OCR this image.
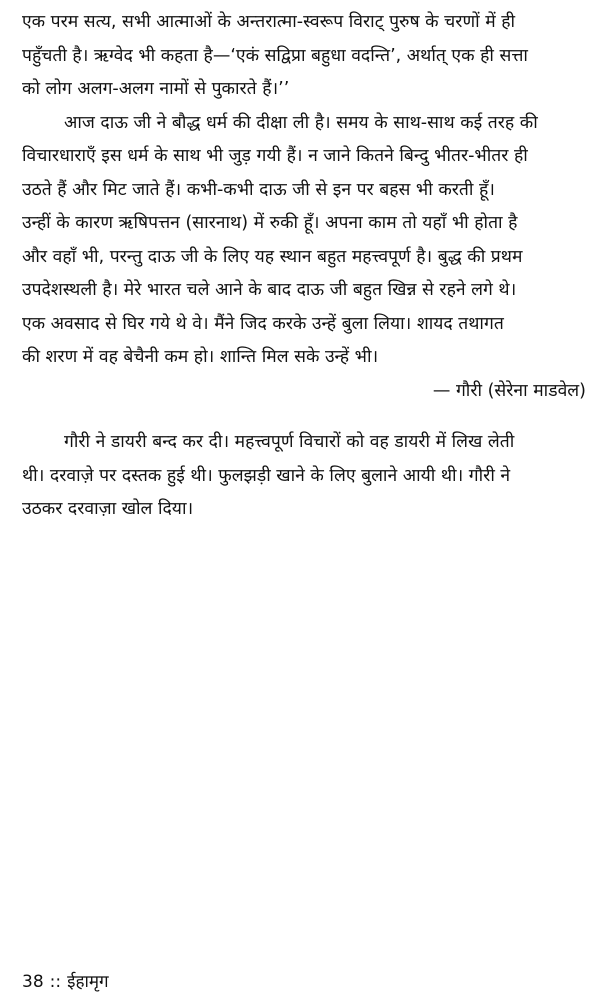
एक परम सत्य, सभी आत्माओं के अन्तरात्मा-स्वरूप विराट् पुरुष के चरणों में ही
पहुँचती है। ऋग्वेद भी कहता है—‘एकं सद्विप्रा बहुधा वदन्ति’, अर्थात् एक ही सत्ता
को लोग अलग-अलग नामों से पुकारते हैं।’’

आज दाऊ जी ने बौद्ध धर्म की दीक्षा ली है। समय के साथ-साथ कई तरह की
विचारधाराएँ इस धर्म के साथ भी जुड़ गयी हैं। न जाने कितने बिन्दु भीतर-भीतर ही
उठते हैं और मिट जाते हैं। कभी-कभी दाऊ जी से इन पर बहस भी करती हूँ।
उन्हीं के कारण ऋषिपत्तन (सारनाथ) में रुकी हूँ। अपना काम तो यहाँ भी होता है
और वहाँ भी, परन्तु दाऊ जी के लिए यह स्थान बहुत महत्त्वपूर्ण है। बुद्ध की प्रथम
उपदेशस्थली है। मेरे भारत चले आने के बाद दाऊ जी बहुत खिन्न से रहने लगे थे।
एक अवसाद से घिर गये थे वे। मैंने जिद करके उन्हें बुला लिया। शायद तथागत
की शरण में वह बेचैनी कम हो। शान्ति मिल सके उन्हें भी।

— गौरी (सेरेना माडवेल)

गौरी ने डायरी बन्द कर दी। महत्त्वपूर्ण विचारों को वह डायरी में लिख लेती
थी। दरवाज़े पर दस्तक हुई थी। फुलझड़ी खाने के लिए बुलाने आयी थी। गौरी ने
उठकर दरवाज़ा खोल दिया।

38 :: ईहामृग
